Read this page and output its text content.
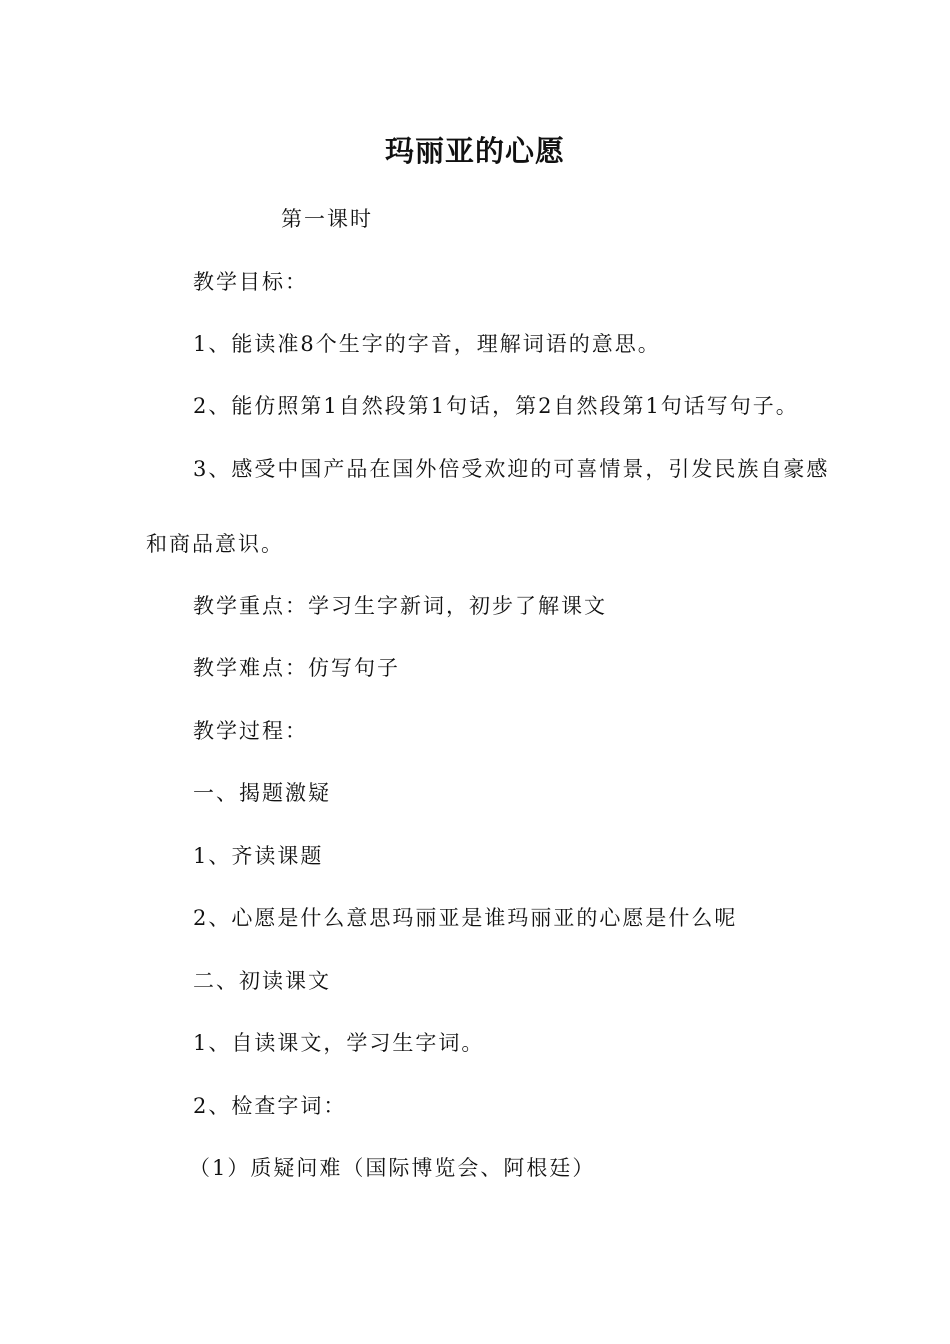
玛丽亚的心愿
第一课时
教学目标：
1、能读准8个生字的字音，理解词语的意思。
2、能仿照第1自然段第1句话，第2自然段第1句话写句子。
3、感受中国产品在国外倍受欢迎的可喜情景，引发民族自豪感
和商品意识。
教学重点：学习生字新词，初步了解课文
教学难点：仿写句子
教学过程：
一、揭题激疑
1、齐读课题
2、心愿是什么意思玛丽亚是谁玛丽亚的心愿是什么呢
二、初读课文
1、自读课文，学习生字词。
2、检查字词：
（1）质疑问难（国际博览会、阿根廷）
